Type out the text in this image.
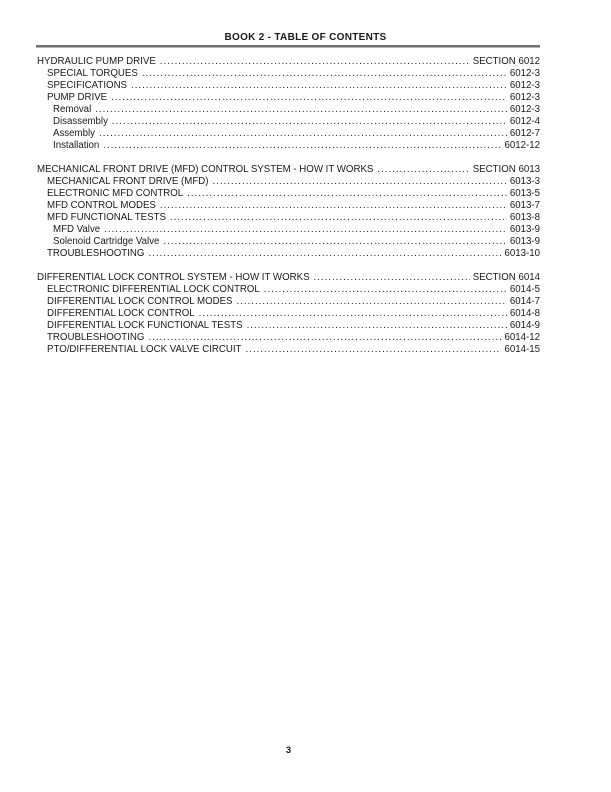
BOOK 2 - TABLE OF CONTENTS
HYDRAULIC PUMP DRIVE .....	SECTION 6012
SPECIAL TORQUES .....	6012-3
SPECIFICATIONS .....	6012-3
PUMP DRIVE .....	6012-3
Removal .....	6012-3
Disassembly .....	6012-4
Assembly .....	6012-7
Installation .....	6012-12
MECHANICAL FRONT DRIVE (MFD) CONTROL SYSTEM - HOW IT WORKS .....	SECTION 6013
MECHANICAL FRONT DRIVE (MFD) .....	6013-3
ELECTRONIC MFD CONTROL .....	6013-5
MFD CONTROL MODES .....	6013-7
MFD FUNCTIONAL TESTS .....	6013-8
MFD Valve .....	6013-9
Solenoid Cartridge Valve .....	6013-9
TROUBLESHOOTING .....	6013-10
DIFFERENTIAL LOCK CONTROL SYSTEM - HOW IT WORKS .....	SECTION 6014
ELECTRONIC DIFFERENTIAL LOCK CONTROL .....	6014-5
DIFFERENTIAL LOCK CONTROL MODES .....	6014-7
DIFFERENTIAL LOCK CONTROL .....	6014-8
DIFFERENTIAL LOCK FUNCTIONAL TESTS .....	6014-9
TROUBLESHOOTING .....	6014-12
PTO/DIFFERENTIAL LOCK VALVE CIRCUIT .....	6014-15
3
